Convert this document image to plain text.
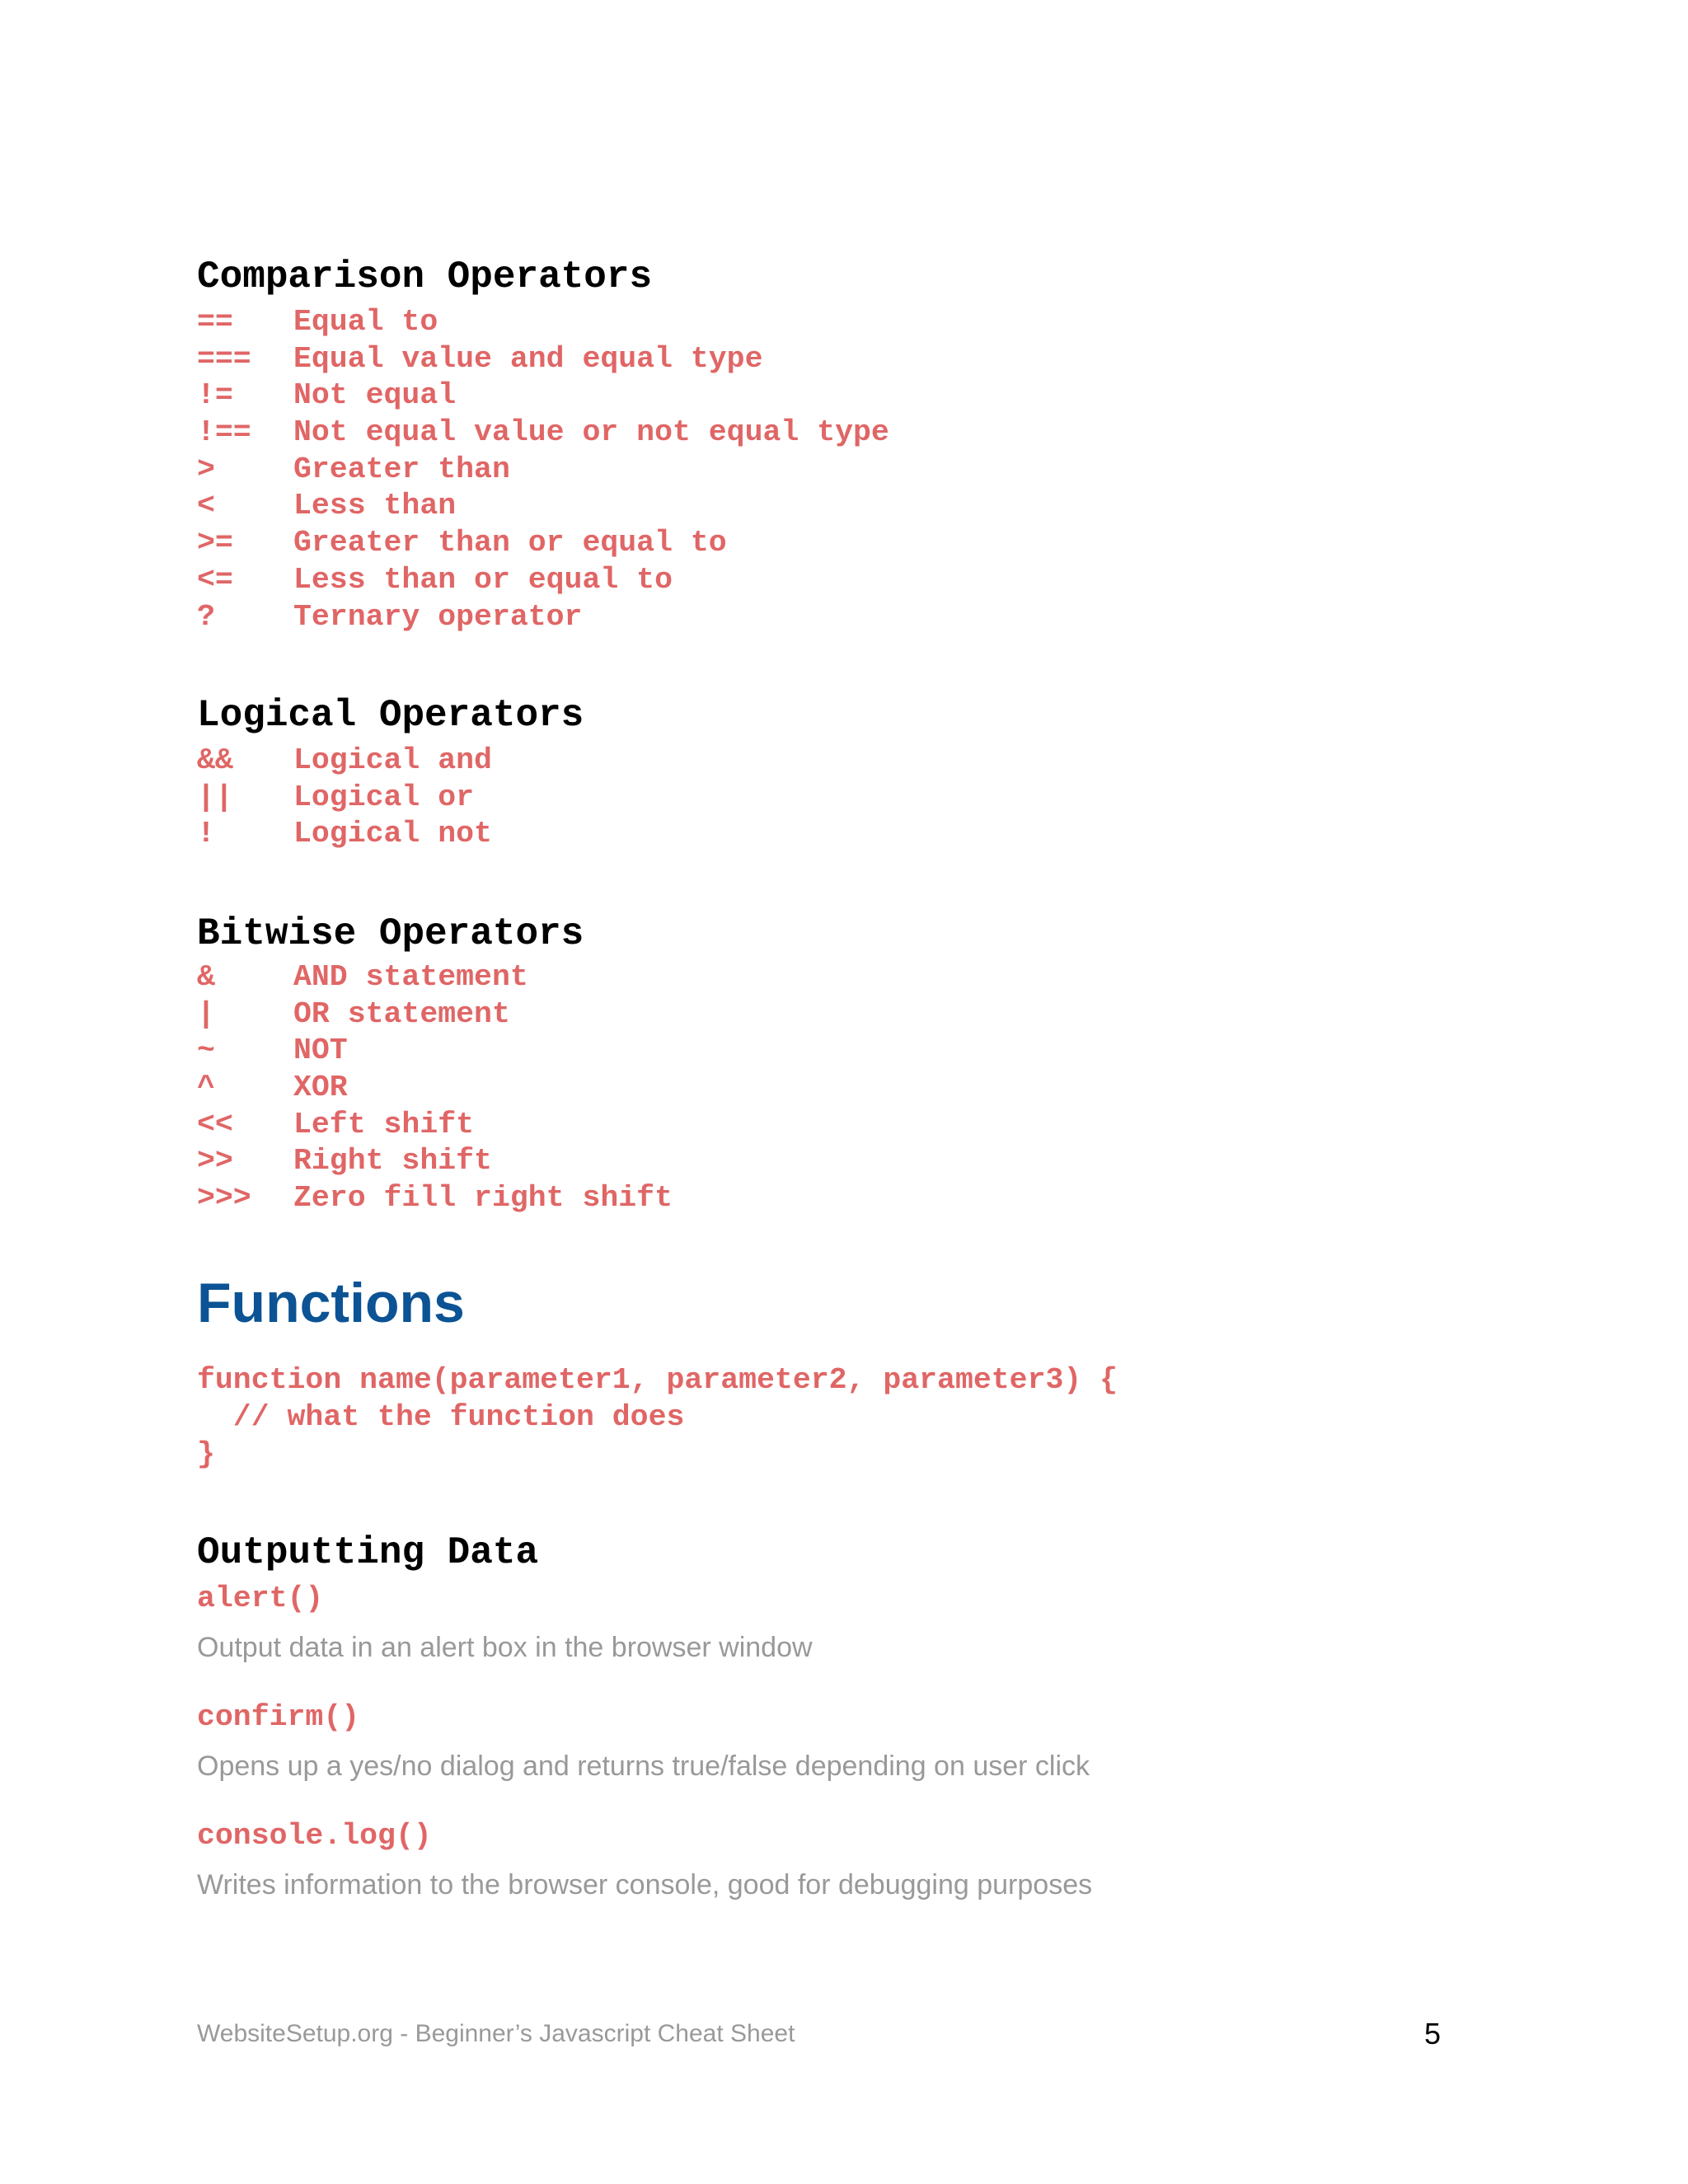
Comparison Operators
==	Equal to
===	Equal value and equal type
!=	Not equal
!==	Not equal value or not equal type
>	Greater than
<	Less than
>=	Greater than or equal to
<=	Less than or equal to
?	Ternary operator
Logical Operators
&&	Logical and
||	Logical or
!	Logical not
Bitwise Operators
&	AND statement
|	OR statement
~	NOT
^	XOR
<<	Left shift
>>	Right shift
>>>	Zero fill right shift
Functions
function name(parameter1, parameter2, parameter3) {
// what the function does
}
Outputting Data
alert()
Output data in an alert box in the browser window
confirm()
Opens up a yes/no dialog and returns true/false depending on user click
console.log()
Writes information to the browser console, good for debugging purposes
WebsiteSetup.org - Beginner’s Javascript Cheat Sheet	5
